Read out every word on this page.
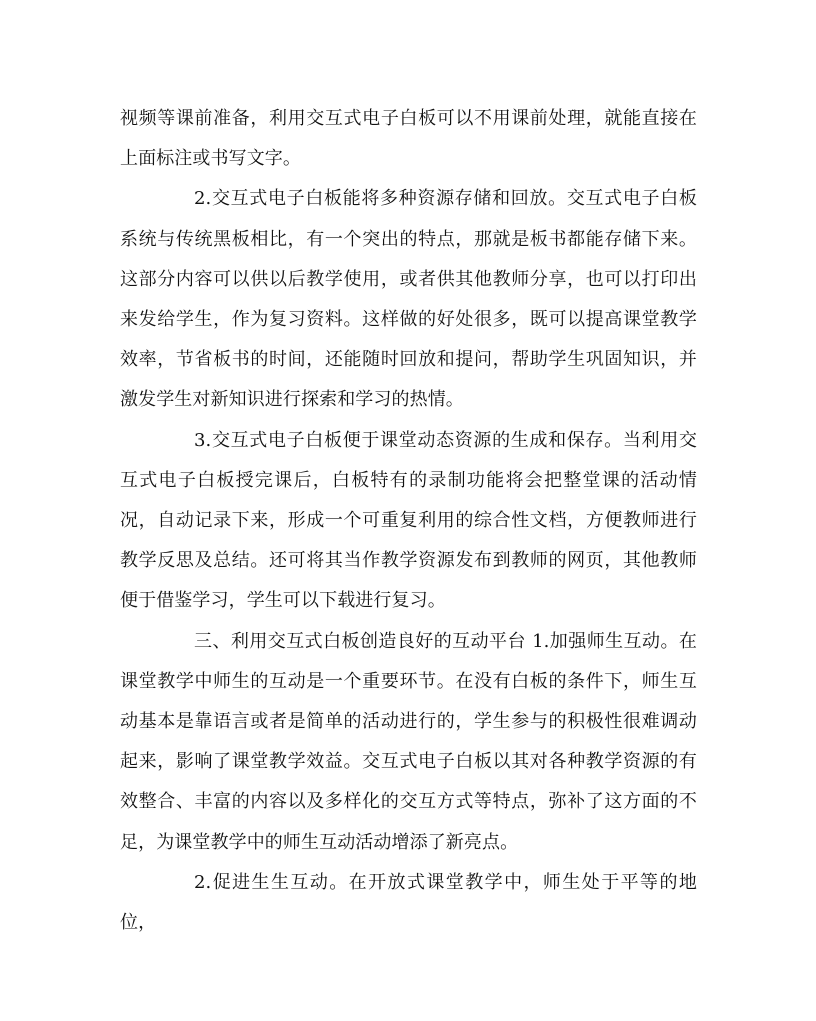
视频等课前准备，利用交互式电子白板可以不用课前处理，就能直接在上面标注或书写文字。

2.交互式电子白板能将多种资源存储和回放。交互式电子白板系统与传统黑板相比，有一个突出的特点，那就是板书都能存储下来。这部分内容可以供以后教学使用，或者供其他教师分享，也可以打印出来发给学生，作为复习资料。这样做的好处很多，既可以提高课堂教学效率，节省板书的时间，还能随时回放和提问，帮助学生巩固知识，并激发学生对新知识进行探索和学习的热情。

3.交互式电子白板便于课堂动态资源的生成和保存。当利用交互式电子白板授完课后，白板特有的录制功能将会把整堂课的活动情况，自动记录下来，形成一个可重复利用的综合性文档，方便教师进行教学反思及总结。还可将其当作教学资源发布到教师的网页，其他教师便于借鉴学习，学生可以下载进行复习。

三、利用交互式白板创造良好的互动平台 1.加强师生互动。在课堂教学中师生的互动是一个重要环节。在没有白板的条件下，师生互动基本是靠语言或者是简单的活动进行的，学生参与的积极性很难调动起来，影响了课堂教学效益。交互式电子白板以其对各种教学资源的有效整合、丰富的内容以及多样化的交互方式等特点，弥补了这方面的不足，为课堂教学中的师生互动活动增添了新亮点。

2.促进生生互动。在开放式课堂教学中，师生处于平等的地位，
